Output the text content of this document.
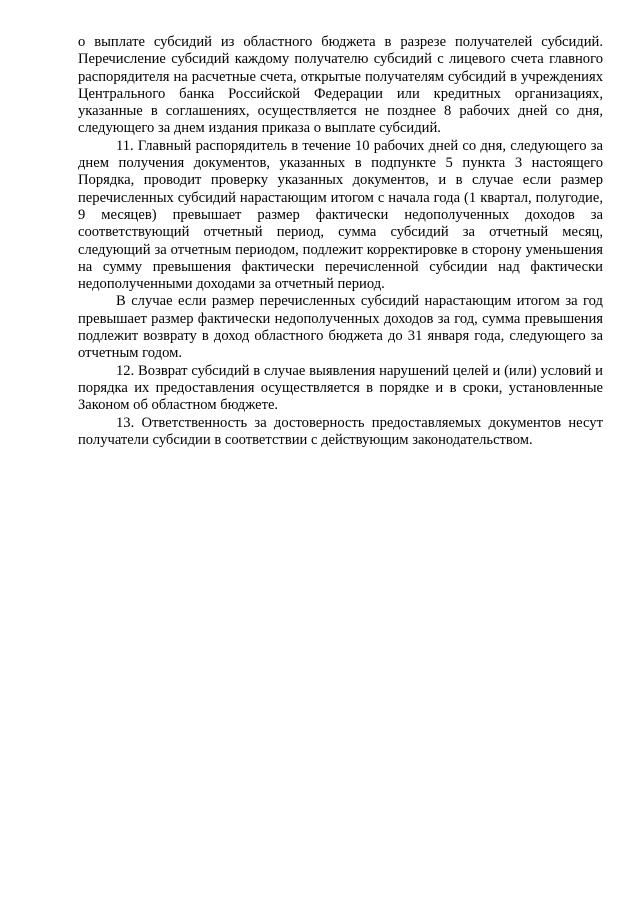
о выплате субсидий из областного бюджета в разрезе получателей субсидий. Перечисление субсидий каждому получателю субсидий с лицевого счета главного распорядителя на расчетные счета, открытые получателям субсидий в учреждениях Центрального банка Российской Федерации или кредитных организациях, указанные в соглашениях, осуществляется не позднее 8 рабочих дней со дня, следующего за днем издания приказа о выплате субсидий.

11. Главный распорядитель в течение 10 рабочих дней со дня, следующего за днем получения документов, указанных в подпункте 5 пункта 3 настоящего Порядка, проводит проверку указанных документов, и в случае если размер перечисленных субсидий нарастающим итогом с начала года (1 квартал, полугодие, 9 месяцев) превышает размер фактически недополученных доходов за соответствующий отчетный период, сумма субсидий за отчетный месяц, следующий за отчетным периодом, подлежит корректировке в сторону уменьшения на сумму превышения фактически перечисленной субсидии над фактически недополученными доходами за отчетный период.

В случае если размер перечисленных субсидий нарастающим итогом за год превышает размер фактически недополученных доходов за год, сумма превышения подлежит возврату в доход областного бюджета до 31 января года, следующего за отчетным годом.

12. Возврат субсидий в случае выявления нарушений целей и (или) условий и порядка их предоставления осуществляется в порядке и в сроки, установленные Законом об областном бюджете.

13. Ответственность за достоверность предоставляемых документов несут получатели субсидии в соответствии с действующим законодательством.
